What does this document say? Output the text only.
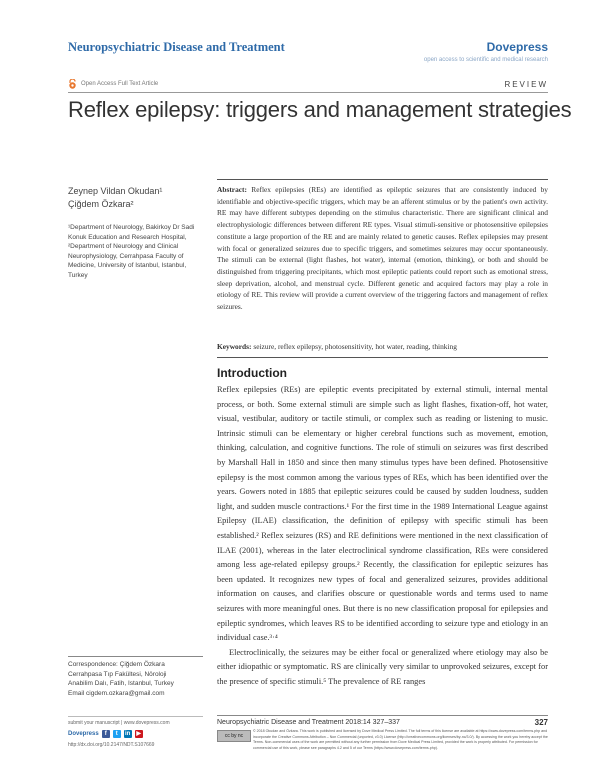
Neuropsychiatric Disease and Treatment	Dovepress
open access to scientific and medical research
Open Access Full Text Article	REVIEW
Reflex epilepsy: triggers and management strategies
Zeynep Vildan Okudan¹
Çiğdem Özkara²
¹Department of Neurology, Bakirkoy Dr Sadi Konuk Education and Research Hospital, ²Department of Neurology and Clinical Neurophysiology, Cerrahpasa Faculty of Medicine, University of Istanbul, Istanbul, Turkey
Abstract: Reflex epilepsies (REs) are identified as epileptic seizures that are consistently induced by identifiable and objective-specific triggers, which may be an afferent stimulus or by the patient's own activity. RE may have different subtypes depending on the stimulus characteristic. There are significant clinical and electrophysiologic differences between different RE types. Visual stimuli-sensitive or photosensitive epilepsies constitute a large proportion of the RE and are mainly related to genetic causes. Reflex epilepsies may present with focal or generalized seizures due to specific triggers, and sometimes seizures may occur spontaneously. The stimuli can be external (light flashes, hot water), internal (emotion, thinking), or both and should be distinguished from triggering precipitants, which most epileptic patients could report such as emotional stress, sleep deprivation, alcohol, and menstrual cycle. Different genetic and acquired factors may play a role in etiology of RE. This review will provide a current overview of the triggering factors and management of reflex seizures.
Keywords: seizure, reflex epilepsy, photosensitivity, hot water, reading, thinking
Introduction

Reflex epilepsies (REs) are epileptic events precipitated by external stimuli, internal mental process, or both. Some external stimuli are simple such as light flashes, fixation-off, hot water, visual, vestibular, auditory or tactile stimuli, or complex such as reading or listening to music. Intrinsic stimuli can be elementary or higher cerebral functions such as movement, emotion, thinking, calculation, and cognitive functions. The role of stimuli on seizures was first described by Marshall Hall in 1850 and since then many stimulus types have been defined. Photosensitive epilepsy is the most common among the various types of REs, which has been identified over the years. Gowers noted in 1885 that epileptic seizures could be caused by sudden loudness, sudden light, and sudden muscle contractions.¹ For the first time in the 1989 International League against Epilepsy (ILAE) classification, the definition of epilepsy with specific stimuli has been established.² Reflex seizures (RS) and RE definitions were mentioned in the next classification of ILAE (2001), whereas in the later electroclinical syndrome classification, REs were considered among less age-related epilepsy groups.² Recently, the classification for epileptic seizures has been updated. It recognizes new types of focal and generalized seizures, provides additional information on causes, and clarifies obscure or questionable words and terms used to name seizures with more meaningful ones. But there is no new classification proposal for epilepsies and epileptic syndromes, which leaves RS to be identified according to seizure type and etiology in an individual case.³·⁴

Electroclinically, the seizures may be either focal or generalized where etiology may also be either idiopathic or symptomatic. RS are clinically very similar to unprovoked seizures, except for the presence of specific stimuli.⁵ The prevalence of RE ranges

Correspondence: Çiğdem Özkara
Cerrahpasa Tıp Fakültesi, Nöroloji
Anabilim Dalı, Fatih, Istanbul, Turkey
Email cigdem.ozkara@gmail.com
submit your manuscript | www.dovepress.com
Dovepress	f	t	in ▶
http://dx.doi.org/10.2147/NDT.S107669
Neuropsychiatric Disease and Treatment 2018:14 327–337	327
cc by nc
© 2018 Okudan and Özkara. This work is published and licensed by Dove Medical Press Limited. The full terms of this license are available at https://www.dovepress.com/terms.php and incorporate the Creative Commons Attribution – Non Commercial (unported, v3.0) License (http://creativecommons.org/licenses/by-nc/3.0/). By accessing the work you hereby accept the Terms. Non-commercial uses of the work are permitted without any further permission from Dove Medical Press Limited, provided the work is properly attributed. For permission for commercial use of this work, please see paragraphs 4.2 and 5 of our Terms (https://www.dovepress.com/terms.php).
